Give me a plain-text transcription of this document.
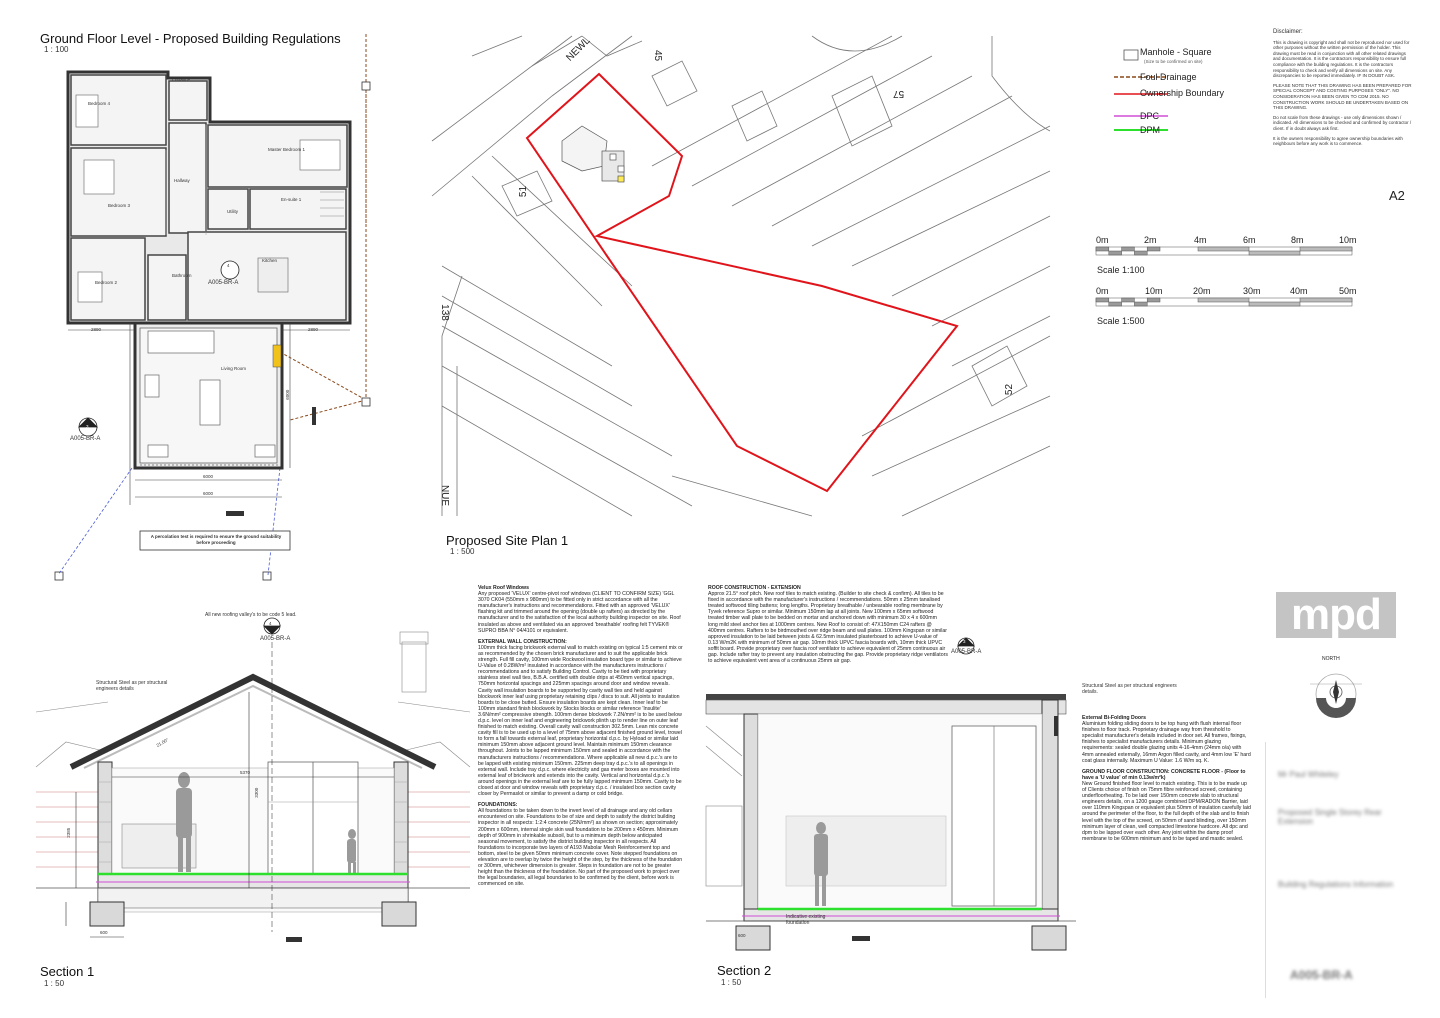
Ground Floor Level - Proposed Building Regulations
1 : 100
Bedroom 4
Entrance
Master Bedroom 1
Hallway
Bedroom 3
Utility
En-suite 1
Bathroom
Kitchen
Bedroom 2
Living Room
2890	2890
6000
6000
6000
4
A005-BR-A
3
A005-BR-A
A percolation test is required to ensure the ground suitability before proceeding
NEWL	45
57
51
138
52
NUE
Proposed Site Plan 1
1 : 500
Manhole - Square
(Size to be confirmed on site)
Foul Drainage
Ownership Boundary
DPC
DPM

Disclaimer:

This is drawing is copyright and shall not be reproduced nor used for other purposes without the written permission of the holder. This drawing must be read in conjunction with all other related drawings and documentation. It is the contractors responsibility to ensure full compliance with the building regulations. It is the contractors responsibility to check and verify all dimensions on site. Any discrepancies to be reported immediately. IF IN DOUBT ASK.

PLEASE NOTE THAT THIS DRAWING HAS BEEN PREPARED FOR SPECIAL CONCEPT AND COSTING PURPOSES "ONLY". NO CONSIDERATION HAS BEEN GIVEN TO CDM 2015. NO CONSTRUCTION WORK SHOULD BE UNDERTAKEN BASED ON THIS DRAWING.

Do not scale from these drawings - use only dimensions shown / indicated. All dimensions to be checked and confirmed by contractor / client. If in doubt always ask first.

It is the owners responsibility to agree ownership boundaries with neighbours before any work is to commence.

A2
0m	2m	4m	6m	8m	10m
Scale 1:100
0m	10m	20m	30m	40m	50m
Scale 1:500
All new roofing valley's to be code 5 lead.
Structural Steel as per structural engineers details
4
A005-BR-A
5370
3300
2385
21.00°
600
Section 1
1 : 50
Velux Roof Windows

Any proposed 'VELUX' centre-pivot roof windows (CLIENT TO CONFIRM SIZE) 'GGL 3070 CK04 (550mm x 980mm) to be fitted only in strict accordance with all the manufacturer's instructions and recommendations. Fitted with an approved 'VELUX' flashing kit and trimmed around the opening (double up rafters) as directed by the manufacturer and to the satisfaction of the local authority building inspector on site. Roof insulated as above and ventilated via an approved 'breathable' roofing felt TYVEK® SUPRO BBA N° 04/4101 or equivalent.

EXTERNAL WALL CONSTRUCTION:

100mm thick facing brickwork external wall to match existing on typical 1:5 cement mix or as recommended by the chosen brick manufacturer and to suit the applicable brick strength. Full fill cavity, 100mm wide Rockwool insulation board type or similar to achieve U-Value of 0.28W/m² insulated in accordance with the manufacturers instructions / recommendations and to satisfy Building Control. Cavity to be tied with proprietary stainless steel wall ties, B.B.A. certified with double drips at 450mm vertical spacings, 750mm horizontal spacings and 225mm spacings around door and window reveals. Cavity wall insulation boards to be supported by cavity wall ties and held against blockwork inner leaf using proprietary retaining clips / discs to suit. All joints to insulation boards to be close butted. Ensure insulation boards are kept clean. Inner leaf to be 100mm standard finish blockwork by Stocks blocks or similar reference 'Insulite' 3.6N/mm² compressive strength. 100mm dense blockwork 7.2N/mm² is to be used below d.p.c. level on inner leaf and engineering brickwork plinth up to render line on outer leaf finished to match existing. Overall cavity wall construction 302.5mm. Lean mix concrete cavity fill is to be used up to a level of 75mm above adjacent finished ground level, trowel to form a fall towards external leaf, proprietary horizontal d.p.c. by Hyload or similar laid minimum 150mm above adjacent ground level. Maintain minimum 150mm clearance throughout. Joints to be lapped minimum 150mm and sealed in accordance with the manufacturers instructions / recommendations. Where applicable all new d.p.c.'s are to be lapped with existing minimum 150mm. 225mm deep tray d.p.c.'s to all openings in external wall. Include tray d.p.c. where electricity and gas meter boxes are mounted into external leaf of brickwork and extends into the cavity. Vertical and horizontal d.p.c.'s around openings in the external leaf are to be fully lapped minimum 150mm. Cavity to be closed at door and window reveals with proprietary d.p.c. / insulated box section cavity closer by Permaslot or similar to prevent a damp or cold bridge.

FOUNDATIONS:

All foundations to be taken down to the invert level of all drainage and any old cellars encountered on site. Foundations to be of size and depth to satisfy the district building inspector in all respects: 1:2:4 concrete (25N/mm²) as shown on section; approximately 200mm x 600mm, internal single skin wall foundation to be 200mm x 450mm. Minimum depth of 900mm in shrinkable subsoil, but to a minimum depth below anticipated seasonal movement, to satisfy the district building inspector in all respects. All foundations to incorporate two layers of A193 Mabolar Mesh Reinforcement top and bottom, steel to be given 50mm minimum concrete cover. Note stepped foundations on elevation are to overlap by twice the height of the step, by the thickness of the foundation or 300mm, whichever dimension is greater. Steps in foundation are not to be greater height than the thickness of the foundation. No part of the proposed work to project over the legal boundaries, all legal boundaries to be confirmed by the client, before work is commenced on site.

ROOF CONSTRUCTION - EXTENSION

Approx 21.5° roof pitch. New roof tiles to match existing. (Builder to site check & confirm). All tiles to be fixed in accordance with the manufacturer's instructions / recommendations. 50mm x 25mm tanalised treated softwood tiling battens; long lengths. Proprietary breathable / unbearable roofing membrane by Tyvek reference Supro or similar. Minimum 150mm lap at all joints. New 100mm x 65mm softwood treated timber wall plate to be bedded on mortar and anchored down with minimum 30 x 4 x 600mm long mild steel anchor ties at 1000mm centres. New Roof to consist of: 47X150mm C24 rafters @ 400mm centres. Rafters to be birdmouthed over ridge beam and wall plates. 100mm Kingspan or similar approved insulation to be laid between joists & 62.5mm insulated plasterboard to achieve U-value of 0.13 W/m2K with minimum of 50mm air gap. 10mm thick UPVC fascia boards with, 10mm thick UPVC soffit board. Provide proprietary over fascia roof ventilator to achieve equivalent of 25mm continuous air gap. Include rafter tray to prevent any insulation obstructing the gap. Provide proprietary ridge ventilators to achieve equivalent vent area of a continuous 25mm air gap.

3
A005-BR-A
Indicative existing foundation
600
Section 2
1 : 50
Structural Steel as per structural engineers details.
External Bi-Folding Doors

Aluminium folding sliding doors to be top hung with flush internal floor finishes to floor track. Proprietary drainage way from threshold to specialist manufacturer's details included in door set. All frames, fixings, finishes to specialist manufacturers details. Minimum glazing requirements: sealed double glazing units 4-16-4mm (24mm o/a) with 4mm annealed externally, 16mm Argon filled cavity, and 4mm low 'E' hard coat glass internally. Maximum U Value: 1.6 W/m sq. K.

GROUND FLOOR CONSTRUCTION: CONCRETE FLOOR - (Floor to have a 'U value' of min 0.13w/m²k)

New Ground finished floor level to match existing. This is to be made up of Clients choice of finish on 75mm fibre reinforced screed, containing underfloorheating. To be laid over 150mm concrete slab to structural engineers details, on a 1200 gauge combined DPM/RADON Barrier, laid over 110mm Kingspan or equivalent plus 50mm of insulation carefully laid around the perimeter of the floor, to the full depth of the slab and to finish level with the top of the screed, on 50mm of sand blinding, over 150mm minimum layer of clean, well compacted limestone hardcore. All dpc and dpm to be lapped over each other. Any joint within the damp proof membrane to be 600mm minimum and to be taped and mastic sealed.

mpd
NORTH
Mr Paul Whiteley
Proposed Single Storey Rear Extension
Building Regulations Information
A005-BR-A
